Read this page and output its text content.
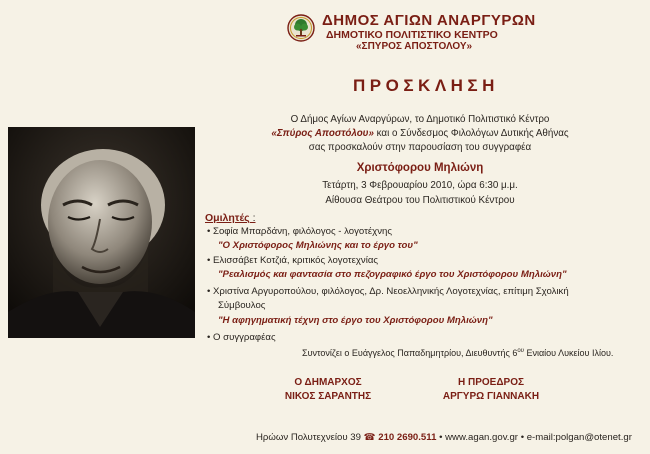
ΔΗΜΟΣ ΑΓΙΩΝ ΑΝΑΡΓΥΡΩΝ
ΔΗΜΟΤΙΚΟ ΠΟΛΙΤΙΣΤΙΚΟ ΚΕΝΤΡΟ
«ΣΠΥΡΟΣ ΑΠΟΣΤΟΛΟΥ»
ΠΡΟΣΚΛΗΣΗ
Ο Δήμος Αγίων Αναργύρων, το Δημοτικό Πολιτιστικό Κέντρο
«Σπύρος Αποστόλου» και ο Σύνδεσμος Φιλολόγων Δυτικής Αθήνας
σας προσκαλούν στην παρουσίαση του συγγραφέα
Χριστόφορου Μηλιώνη
Τετάρτη, 3 Φεβρουαρίου 2010, ώρα 6:30 μ.μ.
Αίθουσα Θεάτρου του Πολιτιστικού Κέντρου
Ομιλητές :
• Σοφία Μπαρδάνη, φιλόλογος - λογοτέχνης
"Ο Χριστόφορος Μηλιώνης και το έργο του"
• Ελισσάβετ Κοτζιά, κριτικός λογοτεχνίας
"Ρεαλισμός και φαντασία στο πεζογραφικό έργο του Χριστόφορου Μηλιώνη"
• Χριστίνα Αργυροπούλου, φιλόλογος, Δρ. Νεοελληνικής Λογοτεχνίας, επίτιμη Σχολική
Σύμβουλος
"Η αφηγηματική τέχνη στο έργο του Χριστόφορου Μηλιώνη"
• Ο συγγραφέας
Συντονίζει ο Ευάγγελος Παπαδημητρίου, Διευθυντής $6^{o\upsilon}$ Ενιαίου Λυκείου Ιλίου.
Ο ΔΗΜΑΡΧΟΣ
ΝΙΚΟΣ ΣΑΡΑΝΤΗΣ
Η ΠΡΟΕΔΡΟΣ
ΑΡΓΥΡΩ ΓΙΑΝΝΑΚΗ
Ηρώων Πολυτεχνείου 39 ☎ 210 2690.511 • www.agan.gov.gr • e-mail:polgan@otenet.gr
